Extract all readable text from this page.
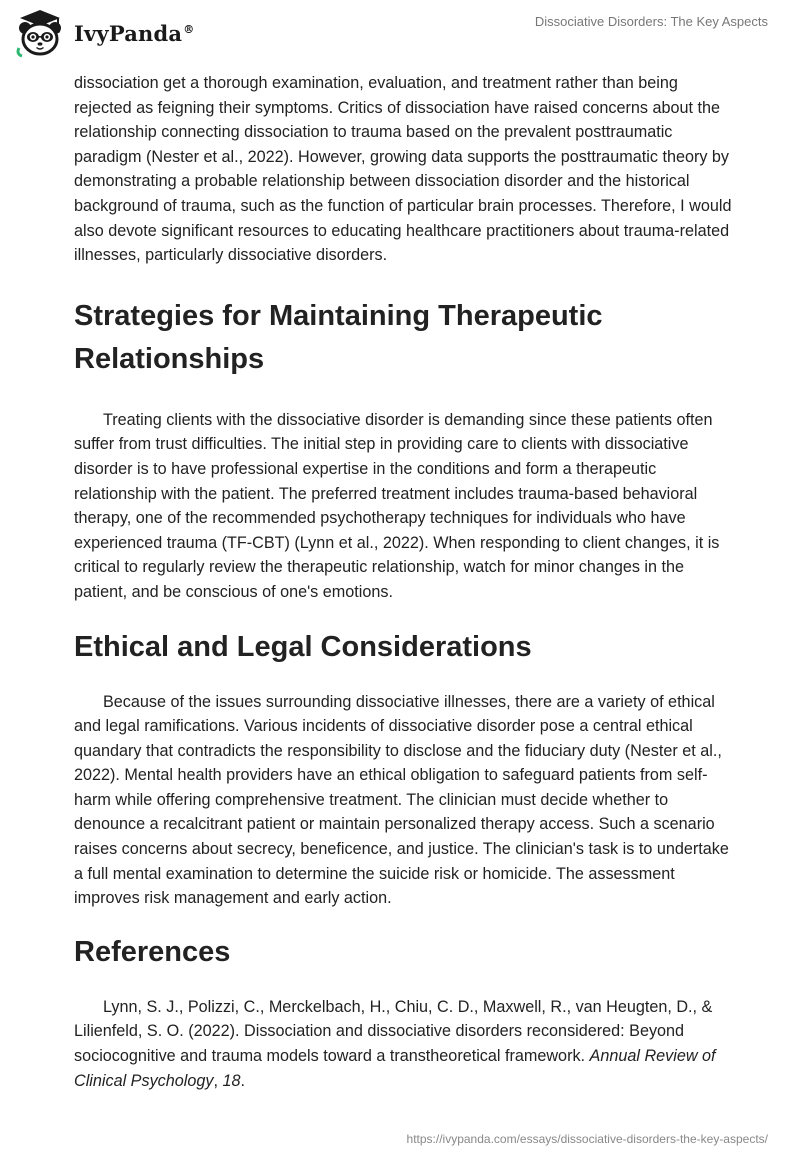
IvyPanda®	Dissociative Disorders: The Key Aspects

dissociation get a thorough examination, evaluation, and treatment rather than being rejected as feigning their symptoms. Critics of dissociation have raised concerns about the relationship connecting dissociation to trauma based on the prevalent posttraumatic paradigm (Nester et al., 2022). However, growing data supports the posttraumatic theory by demonstrating a probable relationship between dissociation disorder and the historical background of trauma, such as the function of particular brain processes. Therefore, I would also devote significant resources to educating healthcare practitioners about trauma-related illnesses, particularly dissociative disorders.

Strategies for Maintaining Therapeutic Relationships

Treating clients with the dissociative disorder is demanding since these patients often suffer from trust difficulties. The initial step in providing care to clients with dissociative disorder is to have professional expertise in the conditions and form a therapeutic relationship with the patient. The preferred treatment includes trauma-based behavioral therapy, one of the recommended psychotherapy techniques for individuals who have experienced trauma (TF-CBT) (Lynn et al., 2022). When responding to client changes, it is critical to regularly review the therapeutic relationship, watch for minor changes in the patient, and be conscious of one's emotions.

Ethical and Legal Considerations

Because of the issues surrounding dissociative illnesses, there are a variety of ethical and legal ramifications. Various incidents of dissociative disorder pose a central ethical quandary that contradicts the responsibility to disclose and the fiduciary duty (Nester et al., 2022). Mental health providers have an ethical obligation to safeguard patients from self-harm while offering comprehensive treatment. The clinician must decide whether to denounce a recalcitrant patient or maintain personalized therapy access. Such a scenario raises concerns about secrecy, beneficence, and justice. The clinician's task is to undertake a full mental examination to determine the suicide risk or homicide. The assessment improves risk management and early action.

References

Lynn, S. J., Polizzi, C., Merckelbach, H., Chiu, C. D., Maxwell, R., van Heugten, D., & Lilienfeld, S. O. (2022). Dissociation and dissociative disorders reconsidered: Beyond sociocognitive and trauma models toward a transtheoretical framework. Annual Review of Clinical Psychology, 18.

https://ivypanda.com/essays/dissociative-disorders-the-key-aspects/
